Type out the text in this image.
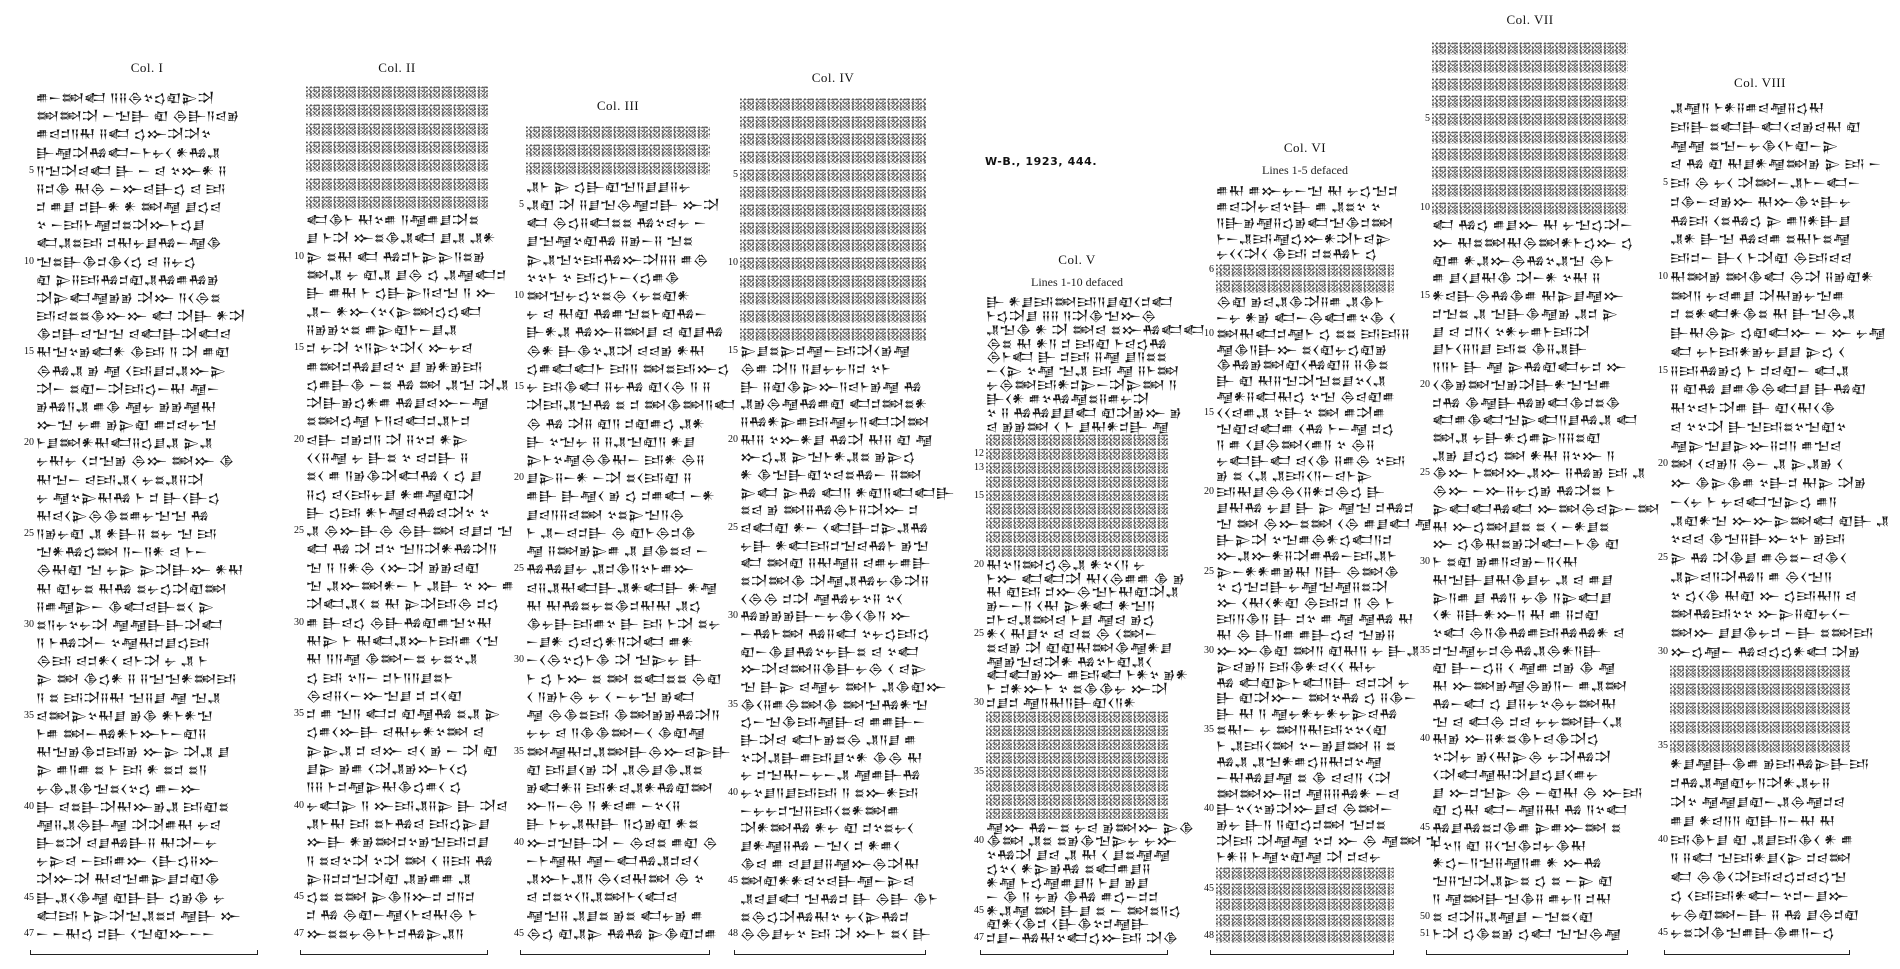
W-B., 1923, 444.
Col. I
𒌑𒀸𒇷𒅗 𒀀𒍝𒁲𒆳𒌓𒊏𒉌𒋫
𒇷𒇷𒋫 𒀸𒈠𒃲 𒊏 𒁲𒃲𒀀𒁀𒂊
𒌑𒁀𒄑𒀀𒊑 𒍝𒅗 𒌓𒁍𒋫𒋫𒆳
𒃲𒆷𒋫𒄀𒅗𒀸𒈨𒉡𒌋 𒀭𒄀𒂗
𒀀𒈠𒋫𒁀𒅗 𒃲 𒀸 𒁀 𒆳𒁍𒀭 𒍝
𒍝𒄑𒆠 𒊑𒁲 𒀸𒁍𒁀𒃲𒌓 𒁀 𒅀
𒄑 𒌑𒋗 𒄑𒃲𒀭 𒀭 𒇷𒆷 𒋗𒌓𒁀
𒆳 𒀸𒅀𒈨𒆷𒄑𒊺𒋫𒁍𒈨𒌓𒋗
𒅗𒂗𒊺𒅀 𒄑𒊑𒉡𒋗𒄀𒀸𒆷𒆠
𒈠𒊺𒃲𒆠𒄑𒆠𒌋𒌓 𒁀 𒍝𒉡𒌓
𒊏 𒉌𒍝𒅀𒄀𒄑𒊏𒂗𒄀𒌑𒄀𒂊
𒋫𒉌𒅗𒆷𒂊𒂊 𒋫𒁍 𒀀𒌋𒁲𒊺
𒅀𒁀𒊺𒊺𒆠𒁍𒁍 𒅗 𒋫𒃲 𒀭𒋫
𒆠𒄑𒃲𒁀𒈠𒈠 𒁀𒅗𒃲𒋫𒅗𒁀
𒊑𒈠𒆳𒂊𒅗𒀭 𒆠𒅀 𒀀 𒋫 𒌑𒊏
𒁲𒄀𒂗 𒂊 𒆷 𒌋𒅀𒋗𒄑𒂗𒁍𒉌
𒋫𒀸 𒊺𒊏𒀸𒋫𒅀𒌓𒀸𒊑 𒆷𒀸
𒂊𒄀𒀀𒂗 𒌑𒆠 𒆷𒉡 𒂊𒂊𒆷𒊑
𒁍𒈠 𒉡𒌑 𒂊𒉌𒊏 𒌑𒄑𒁀𒉡𒈠
𒈨𒋗𒇷𒀭𒊑𒅗𒍝𒌓𒋗𒂗 𒉌𒂗
𒉡𒊑𒉡 𒌋𒄑𒈠𒂊 𒁲𒁍 𒇷𒁍 𒆠
𒊑𒈠𒀸 𒁀𒅀𒂗𒌋 𒉡𒊺𒂗𒍝𒋫
𒉡 𒆷𒆳𒉌𒊑𒄀 𒈨 𒄑 𒃲𒌋𒃲𒌓
𒊑𒁀𒌋𒉌𒁲𒆠𒊺𒌑𒉡𒈠𒈠 𒄀
𒀀𒂊𒉡𒊏 𒂗 𒀭𒃲𒍝 𒊺𒉡 𒈠 𒅀
𒈠𒀭𒄀𒌓𒇷 𒀀𒀸𒀀𒀭 𒁀 𒈨𒀸
𒁲𒊑𒊏 𒈠 𒉡𒉌 𒉌𒋫𒃲𒁍 𒀭𒊑
𒊑 𒊏𒉡𒊺 𒊑𒄀 𒊺𒉡𒌓𒋫𒊏𒇷
𒍝𒌑𒆷𒉌𒀸 𒆠𒅗𒁀𒃲𒊺𒌋 𒉌
𒊺𒀀𒉡𒆳𒉡𒋫 𒆷𒆷𒃲𒃲𒋫𒅗
𒀀 𒈨𒄀𒋫𒀸 𒆳𒆷𒊑𒄑𒋗𒌓𒅀
𒁲𒅀 𒁀𒄑𒀭𒌋 𒁀𒈨𒋫 𒉡 𒂗 𒈨
𒉌 𒇷 𒆠𒌓𒀭 𒍝 𒍝𒈠𒈠𒀭𒇷𒅀
𒀀 𒊺 𒅀𒋫𒍝𒊑 𒈠𒍝𒋗 𒆷 𒈠𒂗
𒁀𒇷𒉌𒆳𒊑𒋗 𒂊𒆠 𒀭𒈨𒀭𒈠
𒈨𒌑 𒇷𒀸𒄀𒀭𒈨𒁍𒈨𒀸𒊏𒍝
𒊑𒈠𒂊𒆠𒄑𒅀𒂊 𒁍𒉌 𒋫𒂗 𒋗
𒉌 𒌑𒀀𒌑 𒊺 𒈨 𒅀 𒀭 𒊺𒄑 𒊺𒀀
𒉡𒆠𒂗𒆠𒈠𒊺𒌋𒆳𒌓 𒌑𒀸𒁍
𒃲 𒁀𒊺𒃲𒋫𒊑𒁍𒂊𒂗 𒅀𒊏𒊺
𒆷𒍝𒂗𒁲𒃲𒆷 𒋫𒋫𒌑𒊑 𒉡𒁀
𒃲𒊺𒋫 𒁀𒋗𒄀𒃲𒍝 𒊑𒋫𒀸𒉡
𒉡𒉌𒁀 𒀸𒅀𒌑𒁍 𒌋𒃲𒌓𒍝𒁍
𒋫𒁍𒋫 𒊑𒁀𒈠𒌑𒉌𒋗𒄑𒊏𒆠
𒃲𒂗𒌋𒆠𒆷 𒊏𒃲𒃲 𒌓𒂊𒆠 𒉡
𒅗𒅀 𒈨𒉌𒋫𒈠𒂗𒊺𒄑 𒆷𒃲 𒁍
𒀸 𒀸𒊑𒌓 𒄑𒃲 𒌋𒈠𒊏𒁍𒀸𒀸
5
10
15
20
25
30
35
40
45
47
Col. II
𒅗𒆠𒈨 𒊑𒆳𒌑 𒀀𒆷𒌑𒋗𒋫𒊺
𒋗 𒈨𒋫 𒁍𒊺𒆠𒂗𒅗 𒋗𒂗 𒂗𒀭
𒉌 𒊺𒊑 𒅗 𒄀𒄑𒈨𒉌𒉌𒀀𒊺𒂊
𒇷𒂗 𒉡 𒊏𒂗 𒋗𒁲 𒌓 𒂗𒆷𒅗𒄑
𒃲 𒌑𒊑 𒈨 𒌓𒃲𒉌𒀀𒁀𒈠 𒀀 𒁍
𒂗𒀸 𒀭𒁍𒌋𒆳𒌋𒉌𒇷𒌓𒌓𒅗
𒍝𒂊𒂊𒆳𒊺 𒌑𒉌𒊏𒈨𒀸𒋗𒂗
𒄑 𒉡𒋫 𒆳𒀀𒉌𒆳𒋫𒌋 𒁍𒉡𒁀
𒌑𒇷𒄑𒄀𒋗𒁀𒆳 𒋗 𒂊𒀭𒂊𒅀
𒌓𒌑𒃲𒆠 𒀸𒊺 𒄀 𒇷 𒂗𒈠 𒋫𒂗
𒋫𒃲𒂊𒌓𒀭𒌑 𒄀𒋗𒁀𒁍𒀸𒆷
𒊺𒇷𒌓𒆷 𒈨𒀀𒁀𒅗𒄑𒂗𒈨𒄑
𒁀𒃲 𒄑𒂊𒄑𒀀 𒋫 𒍝𒆳𒄑 𒀭𒉌
𒌋𒌋𒍝𒆷 𒉡 𒃲𒊺 𒆳 𒁀𒄑𒃲 𒍝
𒊺𒌋 𒌑 𒀀𒂊𒆠𒋫𒅗𒄀 𒌋 𒌓 𒋗
𒍝𒌓 𒁀𒌋𒅀𒉡𒋗 𒀭𒌑𒆷𒊏𒋫
𒃲 𒌓𒅀 𒀭𒈨𒆷𒁀𒄀𒁀𒋫𒆳 𒆳
𒂗 𒁲𒁍𒃲𒁲 𒁲𒃲𒇷 𒁀𒋗𒄑 𒈠
𒅗 𒄀 𒋫 𒄑𒆳 𒈠𒀀𒋫𒀭𒄀𒋫𒀀
𒈠 𒀀 𒀀𒀭𒁲 𒌋𒁍𒋫 𒂊𒂊𒁀𒊏
𒈠 𒂗𒁍𒇷𒀭𒀸 𒈨 𒂗𒃲 𒆳 𒁍 𒌑
𒋫𒅗𒂗𒌋 𒊺 𒊑 𒉌𒋫𒅀𒁲 𒄑𒌓
𒌑 𒃲𒁀𒌓 𒁲𒃲𒄀𒊏𒌑𒈠𒆳𒊑
𒊑𒉌 𒈨 𒊑𒅗𒂗𒁍𒈨𒅀𒌑 𒌋𒈠
𒊑 𒀀𒀀𒆷 𒆠𒇷𒀸𒊺 𒉡𒊺𒆳𒂗
𒌓 𒅀 𒆳𒀀𒀸 𒄑𒈨𒀀𒀀𒋗𒊺𒈨
𒁲𒁀𒍝𒌋𒀸𒁍𒈠𒋗 𒄑 𒄑𒌋𒊏
𒄑 𒌑 𒈠𒀀 𒅗𒄑 𒊏𒆷𒄀 𒊺𒂗 𒉌
𒌓𒌑𒌋𒁍𒃲 𒁀𒊑𒉡𒀭𒆳𒇷 𒁀
𒉌𒉌𒂗 𒄑 𒁀𒁍 𒁀𒌋 𒂊 𒀸 𒋫 𒊏
𒋗𒉌 𒂊𒌑 𒌋𒋫𒂗𒂊𒁍𒈨𒌋𒌓
𒀀𒍝 𒈨𒄑𒆷𒉌𒊑𒆠𒌓𒌑𒌋 𒌓
𒉡𒅗𒉌 𒀀 𒁍𒅀𒂗𒍝𒉌 𒃲 𒋫𒁀
𒂗𒈨𒊑 𒅀 𒊺𒈨𒄀𒁀 𒅀𒌓𒉌𒋗
𒁍𒃲 𒀭𒂊𒇷𒄑𒆳𒂊𒈠𒅀𒄑𒋗
𒀀 𒊺𒁀𒆳𒋫 𒆳𒋫 𒇷 𒌋 𒍝𒅀 𒄀
𒉌𒍝𒄑𒄑𒈠𒋫𒊏 𒂗𒂊𒌑𒌑 𒂗
𒌓𒊺 𒊺𒇷 𒉌𒆠𒀀𒁍𒄑 𒄑𒀀𒄑
𒄑 𒄀 𒁲𒊏𒀸𒆷𒌋𒈨𒁀𒊑𒁲 𒈨
𒁍𒊺𒊺𒉡𒁲𒈨𒈨𒄑𒄀𒉌𒂗𒀀
10
15
20
25
30
35
40
45
47
Col. III
𒂗𒈨 𒉌 𒌓𒃲𒊏𒈠𒀀𒋗𒋗𒍝𒉡
𒂗𒊏 𒋫 𒍝𒋗𒈠𒁲𒆷𒄑𒃲 𒁍𒋫
𒅗 𒁲𒌓𒍝𒅗𒊺𒊺 𒄀𒆳𒁀𒉡 𒀸
𒋗𒈠𒆷𒆳𒊏𒄀 𒍝𒂊𒀸𒍝 𒈠𒊺
𒉌𒂗𒈠𒆳𒅀𒄀𒁍𒋫𒍝𒍝 𒌑𒁲
𒆳𒆳𒈨 𒆳 𒅀𒌓𒈨𒀸𒌋𒌓𒌑𒆠
𒇷𒈠𒉡𒌓𒆳𒊺𒁲 𒌋𒉡𒊺𒊏𒀭
𒉡 𒁀 𒊑𒊏 𒄀𒌑𒈠𒊺𒈨𒊏𒄀𒀸
𒃲𒀭𒂗 𒄀𒁍𒍝𒇷𒋗 𒁀 𒊏𒋗𒄀
𒁲𒀭 𒃲𒆠𒆳𒂗𒋫 𒁀𒁀𒂊 𒀭𒊑
𒌓𒌑𒅗𒅗𒈨 𒅀𒀀 𒇷𒊺𒅀𒁍𒌓
𒉡 𒅀𒆠𒅗 𒍝𒉡𒄀 𒊏𒌋𒁲 𒀀 𒍝
𒋫𒅀𒂗𒈠𒄀 𒊺 𒄑 𒇷𒆠𒇷𒀀𒅗
𒁲 𒄀 𒋫𒍝 𒊏𒀀 𒄑𒊏𒌑𒌓 𒂗𒀭
𒃲 𒆳𒈠𒉡 𒍝 𒍝𒂗𒈠𒊏𒀀 𒀭𒋗
𒉌𒈨𒆳𒆷𒁲𒆠𒊑𒀸 𒅀𒀭 𒁲𒍝
𒋗𒉌𒍝𒀸𒀭 𒀸𒋫 𒊺𒌋𒅀𒊏 𒍝
𒌑𒃲 𒃲𒆷𒌋 𒂊 𒌓 𒄑𒌑𒅗 𒀸𒀭
𒋗𒁀𒀀𒍝𒁀𒇷 𒆳𒊺𒉌𒈠𒀀𒁲
𒈨 𒂗𒀸𒁀𒄑𒃲 𒁲 𒊏𒈨𒁲𒄑𒆠
𒆷 𒍝𒇷𒂊𒉌𒌑 𒂗 𒋗𒆠𒊺𒁀 𒀸
𒄀𒄀𒋗𒉡 𒂗𒄑𒆠𒀀𒆳𒈨𒌑𒁍
𒁀𒍝𒂗𒊑𒅗𒃲𒂗𒀭𒅗𒃲 𒀭𒆷
𒊑 𒊑𒄀𒊺𒉡𒊺𒆠𒄑𒊑𒊑 𒂗𒌓
𒆠𒉡𒃲𒅀𒌑𒆳 𒃲 𒅀 𒈨𒋫 𒊺𒉡
𒀸𒋗𒀭 𒌓𒁀𒌓𒀭𒀀𒋫𒅗 𒌑𒀭
𒀸𒌋𒁲𒆳𒌓𒈨𒆠 𒋫 𒈠𒉌𒉡 𒃲
𒈨 𒌓 𒈨𒁍 𒊺 𒇷 𒊺𒅗𒊺𒊺 𒁲𒊏
𒌋 𒀀𒂊𒈨𒁲 𒉡 𒌋 𒀸𒉡𒈠 𒂊𒅗
𒆷 𒁲𒆠𒊺𒅀 𒆠𒇷𒂊𒂊𒄀𒋫𒀀
𒉡𒉡 𒁀 𒀀𒆠𒆠𒇷𒀸𒌋 𒆠𒊏𒆷
𒇷𒆷𒊑𒄑𒂗𒇷𒃲𒁲𒁍𒁀𒉌𒃲
𒊏 𒅀𒋗𒌋𒂊 𒋫 𒂗𒁲𒋗𒆠𒂗𒊺
𒂊𒅗𒀭𒍝 𒅀𒀭𒁀𒂗𒀭𒄀𒊏𒇷
𒁍𒀀𒀸𒁲 𒀀 𒀭𒁀𒌑 𒀸𒆳𒌋𒍝
𒃲 𒈨𒉡𒂗𒊑𒃲 𒀀𒌓𒂊𒊏 𒀭𒊺
𒁍𒄑𒈠𒃲𒋫 𒀸 𒁲𒁀𒊺 𒌑𒊏 𒁲
𒀸𒈨𒆷𒊑 𒆷𒀸𒅗𒄀𒂗𒄑𒁀𒌋
𒂗𒁍𒈨𒂗𒀀 𒁲𒌋𒁀𒊑𒇷 𒁲 𒆳
𒁀 𒄑𒊺𒆳𒌋𒀀𒂗𒇷𒈨𒌋𒅗𒁀
𒆷𒈠𒍝 𒂗𒋗𒊺 𒂊𒊺 𒅗𒉡𒂊 𒌑
𒁲𒌓 𒊏𒂗𒉌 𒄀𒄀 𒉌𒆠𒊏𒄑𒌑
5
10
15
20
25
30
35
40
45
Col. IV
𒉌𒋗𒊺𒉌𒄑𒆷𒀸𒅀𒋫𒌋𒂊𒆷
𒁲𒌑 𒋫𒀀 𒀀𒋗𒉡𒉡𒀀𒄑 𒆳𒈨
𒃲 𒍝𒊏𒆠𒉌𒁍𒀀𒁀𒈨𒂊𒆷 𒄀
𒂗𒂊𒁲𒆷𒄀𒌑𒊏 𒅗𒄑𒇷𒊺𒀭
𒍝𒄀𒀭𒉌𒌑𒅀𒆷𒉡𒀀𒅗𒋫𒇷
𒊑𒍝 𒆳𒁍𒀭𒋗 𒄀𒋫 𒊑𒍝 𒊏 𒆷
𒁍𒌓𒂗 𒉌𒈠𒈨𒀭𒂗𒊺 𒂊𒉌𒌓
𒀭 𒆠𒈠𒃲𒊏𒆳𒁀𒊺𒄀𒀸 𒍝𒇷
𒉌𒅗 𒉌𒄀 𒅗𒀀 𒀭𒊏𒀀𒅗𒅗𒃲
𒊺𒁀 𒂊 𒇷𒍝𒄀𒁲𒈨𒍝𒋫𒁍 𒄑
𒁀𒅗𒊏 𒀭𒀸 𒌋𒅗𒃲𒄑𒉌𒂗𒄀
𒉡𒃲 𒀭𒅗𒅀𒄑𒈠𒁀𒄀𒈨 𒂊𒈠
𒅗 𒇷𒊏 𒍝𒊑𒆷𒍝 𒁀𒌑𒉡𒌑𒃲
𒊺𒋫𒇷𒆠 𒋫𒆷𒂗𒄀𒉡𒆠𒋫𒍝
𒌋𒁲𒁲 𒄑𒋫 𒆷𒄀𒉡𒆳𒍝 𒆳𒌋
𒄀𒂊𒂊𒂊𒃲𒀸𒉡𒆠𒌋𒆠𒀀 𒁍
𒀸𒄀𒈨𒇷 𒄀𒍝𒅗 𒆳𒉡𒌓𒅀𒌓
𒊏𒀸𒆠𒋗𒄀𒆳𒉡𒃲𒊺 𒁀 𒆳𒅗
𒁍𒋫𒁀𒇷𒍝𒆠𒃲𒉡𒁲 𒌋 𒁀𒉌
𒈠 𒃲𒉌 𒁀𒆷𒉡 𒇷𒈨 𒂗𒆠𒊏𒁍
𒆠𒌋𒍝𒌑𒁲𒇷𒆠 𒇷𒈠𒄀𒀭𒈠
𒌓𒀸𒈠𒆠𒅀𒆷𒃲𒁀 𒌑𒌑𒃲𒀸
𒃲𒋫𒁀 𒅗𒈨𒂊𒊺𒁲 𒂗𒀀𒋗 𒌑
𒆳𒋫𒂗𒃲𒌑𒅀𒋗𒆳𒀭 𒆠𒁲 𒊑
𒉡 𒄑𒈠𒊑𒀸𒉡𒀸𒂗 𒆷𒌑𒃲𒄀
𒉡𒆳𒋗𒀀𒋗𒅀𒅀 𒀀 𒊺𒁍𒀭𒅀
𒀸𒉡𒉡𒄑𒈠𒍝𒅀𒌋𒊺𒀭𒇷𒌑
𒋫𒀭𒇷𒄀 𒀭𒉡 𒊏 𒄑𒆳𒊺𒉡𒌋
𒋗𒀭𒆷𒍝𒄀 𒀸𒈠𒌋 𒄑 𒀭𒌑𒌋
𒆠𒁀 𒌑 𒁀𒋗𒋗𒍝𒆷𒁍𒁲𒋫𒊑
𒇷𒊏𒀭𒀭𒁀𒆳𒁀𒃲𒆷𒀸𒉌𒁀
𒂗𒁀𒋗𒅗 𒈠𒄀𒄑 𒃲 𒁲𒃲 𒆠𒈨
𒊺𒁲𒌓𒋫𒄀𒊑𒆳 𒉡𒌋𒉌𒄀𒄑
𒁲𒁲𒋗𒉡𒆳 𒅀 𒋫 𒁍𒈨 𒊺𒌋 𒃲
5
10
15
20
25
30
35
40
45
48
Col. V
Lines 1-10 defaced
𒃲 𒀭𒋗𒅀𒇷𒅀𒀀𒋗𒊏𒌋𒄑𒅗
𒈨𒌓𒋫𒋗 𒍝𒍝 𒀀𒋫𒆠𒈠𒁍𒁲
𒂗𒈠𒆠 𒀭 𒋫 𒇷𒁀 𒊺𒁍𒄀𒅗𒅗
𒁲𒊺 𒊑 𒀭𒀀 𒄑 𒅀𒊏 𒈨𒁀𒌓𒄀
𒁲𒈨𒅗 𒃲 𒄑𒅀 𒍝𒆷 𒋗𒀀𒊺𒊺
𒀸𒌋𒉌 𒆳𒆷 𒈠𒂗 𒅀 𒆷 𒍝𒈨𒇷
𒉡𒁲𒇷𒅀𒀭𒄑𒉌𒀸𒋫𒉌𒇷 𒀀
𒃲𒌋𒀭 𒌑𒆳𒄀𒆷𒊺𒍝𒌑𒉡𒋫
𒆳 𒍝 𒄀𒄀𒋗𒋗𒅗 𒊏𒋫𒂊𒁍 𒂊
𒁀 𒂊𒂊𒇷 𒌋 𒈨 𒋗𒊑𒀭𒄑𒃲 𒆷
𒊑𒆳𒀀𒇷𒌓𒁲𒂗 𒀭𒆳𒌋𒀀 𒉡
𒈨𒁍 𒅗𒅗𒋫 𒊑𒌋𒁲𒌑𒌑 𒆠 𒂊
𒊑 𒊏𒅀 𒄑𒁍𒁲𒈠𒈨𒊑𒊏𒋫𒂗
𒂊𒀸𒀸𒀀 𒌋𒊑 𒉌𒀭𒅗 𒀭𒈠𒀀
𒄑𒈨𒁀𒂗𒇷𒁀 𒈨𒋗 𒆷𒁀 𒂊𒌓
𒀭𒌋 𒊑𒋗𒆳 𒁀 𒁀𒊺 𒁲 𒌋𒇷𒀸
𒊺𒁀𒂊 𒋫 𒊏𒊏𒊑𒇷𒆠𒆷𒀭𒋗
𒆷𒂊𒈠𒁀𒋫𒀭 𒄀𒆳𒈨𒊏𒂗𒌋
𒅗𒅗𒂊𒁍 𒌑𒅀𒅗 𒈨𒀭𒆳 𒂊𒀭
𒈨 𒄑𒀭𒁍𒈨 𒆳 𒊺𒆠𒆠𒉡 𒁍𒋫
𒄑𒋗𒄑 𒆷𒀀𒊑𒀀𒃲𒊏𒌋𒀀𒀭
𒆷𒁍 𒄀𒀸𒊺 𒉡𒁀 𒂊𒇷𒁍 𒉌𒆠
𒆠𒇷 𒂗𒊺 𒊺𒂊𒆠𒈠𒉌𒉡 𒉡𒁍
𒆳𒄀𒋫 𒋗𒁀 𒂗 𒊑 𒌋 𒋗𒊺𒆷𒆷
𒌓𒆳𒌋 𒀭𒉌𒂊𒄀 𒊺𒅗𒌑𒋗𒍝
𒀭𒆷 𒈨𒌓𒆷𒌑𒋗𒀀 𒈨𒋗 𒂊𒋗
𒀸 𒆠 𒀀 𒉡𒂊 𒆠𒄀 𒌑𒌓𒀸𒄑𒄑
𒀭𒂗𒆷 𒇷 𒃲𒋗 𒊺 𒀸 𒇷𒊺𒀀𒌓
𒊏𒀭𒌋𒆠𒄑 𒌋𒃲𒆠𒆳𒄑𒆷𒃲
𒄑𒋗𒀸𒄀𒊑𒆳𒅗𒌓𒁍𒅀 𒋫𒆠
12
13
15
20
25
30
35
40
45
47
Col. VI
Lines 1-5 defaced
𒌑𒊑 𒌑𒁍𒉡𒀸𒈠 𒊑 𒉡𒌓𒈠𒄑
𒌑𒁀𒋫𒉡𒁀𒆳𒃲 𒌑 𒂗𒊺𒆳 𒆳
𒀀𒃲𒂊𒆷𒍝𒌓𒂊𒅗𒈠𒆠𒄑𒇷
𒈨𒀸𒂗𒅀𒆷𒌓𒁍𒀭𒋫𒈨𒁀𒉌
𒉡𒌋𒌋𒋫𒌋 𒆠𒅀 𒄑𒊺𒄀𒈨 𒌓
𒁲𒊏 𒂊𒁀𒂗𒆠𒋫𒍝𒌑 𒂗𒆠𒈨
𒀸𒉡 𒀭𒂊 𒅗𒀸𒁲𒅗𒌑𒆳𒆠 𒌋
𒇷𒊑𒅗𒄑𒆷𒈨 𒌓 𒊺𒊺 𒅀𒅀𒍝
𒆷𒆠𒀀𒃲𒁍 𒊺𒌋𒊏𒉡𒌓𒊏𒂊
𒆠𒄀𒂊𒇷𒊏𒌋𒄀𒊏𒍝 𒍝𒆠𒊺
𒃲 𒊏 𒊑𒍝𒈠𒋫𒈠𒊺𒋗𒆳𒌋𒂗
𒆷𒀭𒍝𒅗𒊑𒌓 𒆳𒈠 𒁲𒁀𒊏𒌑
𒌋𒌋𒁀𒌑𒂗 𒆳𒃲𒆳 𒇷 𒌑𒋫𒌑
𒈠𒊏𒁀𒅗𒌑 𒌋𒄀 𒈨𒀸𒆷 𒄑𒌓
𒀀 𒌑 𒌋𒋗𒁲𒇷𒌋𒌑𒀀 𒆳 𒁲𒍝
𒉡𒅗𒃲𒅗 𒁀𒌋𒆠 𒍝𒌑𒁲 𒆳𒅀
𒂊 𒊺 𒌋𒂗 𒂗𒅀𒌋𒀀𒀸𒁀𒈨𒉌
𒅀𒊑𒋗𒁲𒁲𒌋𒍝𒀭𒄑𒁲𒌓 𒃲
𒋗𒊑𒄀 𒉡𒋗 𒃲 𒉌 𒆷𒈠 𒄑𒄀𒄑
𒈠 𒇷 𒁲𒁍𒊺𒇷 𒌋𒁲 𒌑𒋗𒅗 𒆷
𒃲𒉌𒋫 𒆳𒈠𒌑𒁲𒀭𒌓𒅗𒀀𒄑
𒁍𒂗𒁍𒀭𒍝𒋫𒌑𒄀𒀸𒅀𒂗𒈨
𒉌𒀸𒀭𒀭𒌑𒂊𒊑 𒀀𒃲 𒁲𒇷𒆠
𒆳 𒌓𒈠𒄑𒃲𒉡𒆷𒈠𒆷𒍝𒊺𒋫
𒁍 𒌋𒊑𒌋𒀭𒊏 𒁲𒅀𒄑 𒀀 𒁲 𒈨
𒅀𒀀𒆠𒀀 𒃲 𒄑𒆳 𒌑 𒆷 𒆷𒄀 𒊑
𒊑 𒁲 𒃲𒀀𒌑 𒌑𒃲𒌓𒁀 𒈠𒂊𒍝
𒁍𒁍𒆠𒊏 𒇷𒀀 𒊏𒊑𒀀 𒉡 𒃲𒂗
𒉌𒁀𒂊𒀀 𒅀𒆠𒀭𒁀𒌋𒌋 𒊑𒉡
𒄀 𒅗𒊏𒉌𒈨𒅗𒀀𒃲 𒁀𒄑𒋫 𒉡
𒃲 𒊏𒋫𒁍𒀸 𒇷𒆳𒄀 𒌓 𒍝𒆠𒀸
𒃲 𒊑 𒀀 𒆷𒉡𒀭𒉡𒀭𒉡𒉌𒁀𒄀
𒊺𒊑𒀸 𒉡 𒇷𒀀𒊑𒅀𒆳𒆳𒌋𒊏
𒈨 𒂗𒅀𒌋𒇷 𒆳𒀸𒂊𒋗𒇷 𒍝 𒊺
𒄀𒂗 𒂗𒈠𒀭𒌑𒌓𒍝𒊑𒄑𒆳𒆷
𒀸𒊑𒄀𒋗𒆷 𒊺 𒆠 𒁀𒁀𒀀 𒌋𒋫
𒇷𒇷𒁍𒍝𒄑 𒆷𒍝𒍝𒄀𒀭 𒀸𒁀
𒃲𒆳𒌋𒆳𒂊𒋫𒁍𒋗𒁀 𒁲𒇷𒀸
𒂊𒉡 𒃲𒀀 𒀀𒊏𒌓𒄑𒇷 𒈠𒄑𒊺
𒋫𒅀 𒋫𒆷𒆷 𒆳𒄑 𒁍 𒁲 𒆷𒇷 𒈠
𒈨𒀭𒍝 𒈨𒆷𒆳𒊏𒆷 𒋫 𒄑𒁀𒉡
6
10
15
20
25
30
35
40
45
48
Col. VII
𒅗 𒄀𒌓 𒌑𒋗𒁍 𒊑 𒉡𒈠𒌓𒋫𒀸
𒁍 𒊑𒊺𒇷𒊑𒁲𒇷𒀭𒈨𒌓𒁍 𒌓
𒊏𒌑 𒀭𒂗𒁍𒁲𒄀𒆳𒂗𒈠 𒁲𒈨
𒌑 𒋗𒌋𒋗𒊑𒆠 𒋫𒀸𒀭 𒆳𒊑 𒍝
𒀭𒁀𒃲𒁲𒄀𒆠𒌑 𒊑𒉌𒋗𒆷𒁍
𒄑𒈠𒊺 𒂗 𒈠𒃲𒆠𒆷𒂊 𒂗𒄑 𒉌
𒋗 𒁀 𒄑𒀀𒌋 𒆳𒀭𒉡𒌑𒈨𒅀𒋫
𒋗𒈨𒌋𒍝𒀀𒋗 𒅀𒊺 𒆠𒍝𒂗𒃲
𒀀𒀀𒈨 𒃲 𒆷 𒉌𒄀𒊏𒅗𒉡𒄑 𒁍
𒌋𒆠𒂊𒇷𒈠𒂊𒋫𒃲𒀭𒈠𒈠𒌑
𒄑𒄀 𒆠𒆷𒃲𒄀𒂊𒅗𒆠𒄑𒊺𒆠
𒅗𒌑𒆠𒅗𒈠𒉌𒅗𒀀𒋗𒄀𒂗 𒅗
𒇷𒂗 𒉡𒃲𒀭𒌓𒌑𒉌𒀀𒍝𒊺𒊏
𒂗𒂊 𒋗𒌓𒌓 𒇷 𒀭𒊑 𒍝𒆳𒁍 𒀀
𒆠𒁍 𒈨𒇷𒁍𒂗𒁍 𒍝𒄀𒂊 𒅀 𒂗
𒁲𒁍 𒀸𒁍𒍝𒉡𒌓𒂊 𒄀𒋫𒊺 𒈨
𒉌𒅗𒅗𒄀𒅗 𒁍𒇷𒁲𒁀𒉌𒀸𒇷
𒊑 𒁍𒌓𒇷𒋗𒊺 𒊺 𒌋 𒀸𒀭𒋗𒊺
𒁍 𒌓𒆠𒊑𒊺𒂊𒋫𒅗𒀸𒈨𒆠 𒊏
𒈨 𒊺𒊏 𒂊𒌑𒀀𒁀𒂊𒀸𒀀𒌋𒊑
𒊑𒈠𒃲𒋗𒊑𒆠𒋗𒉡 𒂗 𒁀 𒌑𒋗
𒉌𒀀𒌑 𒋗 𒄀𒀀 𒉡𒆠 𒀀𒉌𒅗𒋗
𒌋𒀭 𒍝𒃲𒀭𒁍𒀀 𒊑 𒌑 𒍝𒄑𒊏
𒆳𒅗 𒁲𒀀𒆠𒄀𒌑𒅀𒄀𒄀𒀭 𒁀
𒄑𒈠𒆷𒉡𒄑𒁲𒄀𒂗𒁲𒀭𒀀𒃲
𒊏 𒃲𒀸𒌓𒍝 𒌋 𒆷𒌑 𒄑𒂊 𒆠 𒆷
𒊑 𒁍𒇷𒂊𒆷𒁲𒂊𒀀𒀸 𒌑𒂗𒇷
𒄀𒀸𒅗 𒌓 𒋗𒍝𒉡𒆳𒁲𒉡𒇷𒊑
𒈠 𒁀 𒅗𒁲 𒄑𒁀 𒉡𒉡𒇷𒃲𒌋𒂗
𒊑𒂊 𒁍𒍝𒀭𒊺𒆠𒈨𒁀𒆠𒋫𒌓
𒆳𒋫𒉡 𒂊𒌋𒊑𒉌𒁲 𒉡𒋫𒄀𒋫
𒌋𒋫𒅗𒆷𒊑𒋫𒋗𒌓𒋗𒌋𒌑𒉡
𒋗 𒁍𒄑𒈠𒉌 𒁲 𒀸𒊏𒊑 𒁲 𒁍𒅀
𒊏 𒌓𒊑 𒅗𒀸𒆷𒍝𒊑 𒄀 𒀀𒆳𒅗
𒄀𒋗𒄀𒊺𒄑𒆠𒌑 𒉌𒌑𒁍𒇷 𒊺
𒈨𒆳𒀀 𒊏 𒍝𒌋𒈠𒆠𒄑𒉡𒆠𒊑
𒀭𒌓𒀸𒀀𒈠𒍝𒆷𒀀𒌑 𒀭 𒁍𒄀
𒈠𒍝𒈠𒋫𒂗𒉌𒊺 𒌓 𒊺 𒀸𒉌 𒊏
𒀀 𒆷𒇷𒃲𒈠𒆠𒍝 𒌑𒉡𒀀 𒄑𒊑
𒊺 𒁀𒋫𒍝𒂗𒆷𒋗 𒀸𒈠𒊺𒌋𒊏
𒈨𒋫 𒌓𒆠𒊺𒂊 𒌓𒅗 𒈠𒈠𒁲𒆷
5
10
15
20
25
30
35
40
45
50
51
Col. VIII
𒂗𒆷𒀀 𒈨𒀭𒍝𒌑𒁀𒆷𒍝𒌓𒊑
𒅀𒃲𒊺𒅗𒃲𒅗𒌋𒁀𒂊𒁀𒊑 𒊏
𒆷𒆷 𒊺𒈠𒀸𒉡𒆠𒌋𒈨𒊏𒀸𒉌
𒁀 𒄀 𒊏 𒊑𒋗𒀭𒆷𒇷𒂊 𒉌 𒅀 𒀸
𒅀 𒁲 𒉡𒌋 𒋫𒇷𒀸𒂗𒈨𒀸𒅗𒀸
𒄑𒆠𒀸𒁀𒂊𒁍 𒊑𒁍𒆠𒆳𒃲𒉡
𒄀𒅀 𒌋𒊺𒄀𒌓 𒉌 𒌑𒀀𒀭𒃲𒋗
𒂗𒀭 𒃲𒈠 𒄀𒁀𒌑 𒊺𒊑𒈨𒊺𒆷
𒅀𒄑𒀸 𒃲𒌋 𒈨𒋫𒊏 𒁲𒅀𒁀𒁀
𒊑𒇷𒂊 𒇷𒆠𒅗 𒁲𒋫 𒍝𒂊𒊏𒀭
𒇷𒀀 𒉡𒁀𒌑𒋗 𒋫𒊑𒂊𒉡𒈠𒌑
𒄑 𒊺𒀭𒅗𒀭𒆠𒊺 𒊑 𒃲𒈠𒁲𒂗
𒃲𒊑𒁲𒉌 𒌓𒊏𒅗𒁍 𒀸 𒁍 𒉡𒆷
𒅗 𒉡𒈨𒅀𒀭𒂊𒉡𒋗𒋗 𒉌𒌓 𒌋
𒍝𒅀𒄀𒂊𒌓 𒈨 𒄑𒁀𒊏𒀸 𒅗𒂗
𒍝 𒊏𒄀 𒋗𒌑𒆠𒁲𒅗𒋗 𒃲𒄀𒊏
𒊑𒆳𒁀𒈨𒋫𒌑 𒃲 𒊏𒌋𒊑𒌋𒆠
𒁀 𒆳𒆳𒋫 𒃲𒈠𒅀𒊺𒆳𒈠𒊏𒆳
𒆷𒉌𒈠𒋗𒉌𒁍𒍝𒄑𒀀 𒌑𒈠𒁀
𒇷 𒌋𒁀𒂊𒀀 𒁲𒀸 𒂗 𒉌𒂗𒂊 𒌋
𒁍 𒆠𒉌𒆠𒌑 𒆳𒃲𒄑 𒊑𒉌 𒋫𒂊
𒀸𒌋𒉡 𒈨 𒉡𒁀𒅗𒈠𒉌𒌓 𒌑𒀀
𒂗𒊏𒀭𒈠 𒁍𒁍𒉌𒇷𒅗 𒊏𒃲 𒂗
𒆳𒁀𒁀 𒆠𒈠𒍝𒃲𒁍𒆳𒈨 𒂊𒅀
𒉌 𒄀 𒋫𒆠𒋗 𒌑𒁲𒊺𒀸𒁀𒆠𒌋
𒂗𒉌𒁀𒀀𒋫𒄀𒀀 𒌑 𒁲𒌋𒈠𒀀
𒆳 𒌓𒌋𒆠 𒊑𒊏 𒁍 𒌓𒅀𒊑𒀀 𒁀
𒇷𒄀𒅀𒆳𒆳 𒁍𒉌𒍝𒊏𒉡𒌋𒀸
𒇷𒁍 𒋗𒋗𒆠𒉡𒄑 𒀸𒃲 𒊺𒇷𒅀
𒁍𒌓𒆷𒀸 𒄀𒁀𒌓𒌓𒀭𒅗 𒋫𒂊
𒀭𒋗𒆷𒃲𒆠𒌑 𒂊𒅀𒄀𒉌𒃲𒅀
𒄑𒄀𒂗𒆷𒊏𒉡𒀀𒋫𒀭𒂗𒉡𒍝
𒋫𒆳 𒆷𒆷𒋗𒊏𒀸𒂗𒁲𒆷𒄑𒁀
𒌑𒋗 𒀭𒁀𒀀𒀀 𒊏𒃲𒀀𒀸𒊑 𒊑
𒅀𒆠𒈨𒋗 𒊏 𒂗𒋗𒅀𒆠𒌋 𒀭 𒌑
𒀀 𒍝𒅗 𒈠𒅀𒀭𒋗𒌋𒉌 𒄑𒁀𒇷
𒅗 𒁲𒆠𒌋𒋫𒅀𒁀𒌓𒄑𒁀𒌓𒈠
𒌓 𒌋𒅀𒅀𒀭𒅗𒀸𒆳𒄑𒀸𒋗𒁍
𒉡𒁲𒊏𒇷𒀸𒃲 𒍝 𒄀 𒋗𒁲𒄑𒊏
𒉡𒊺𒋫𒆠𒈠𒌑𒃲𒆠𒌑𒀀𒀸𒌓
5
10
15
20
25
30
35
40
45
